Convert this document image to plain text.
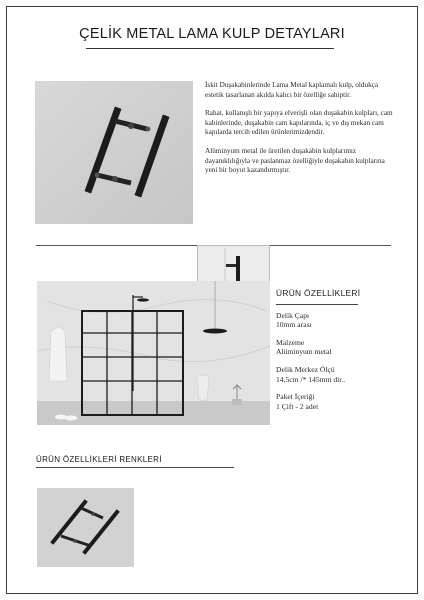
ÇELİK METAL LAMA KULP DETAYLARI

İskit Duşakabinlerinde Lama Metal kaplamalı kulp, oldukça estetik tasarlanan akılda kalıcı bir özelliğe sahiptir.

Rahat, kullanışlı bir yapıya elverişli olan duşakabin kulpları, cam kabinlerinde, duşakabin cam kapılarında, iç ve dış mekan cam kapılarda tercih edilen ürünlerimizdendir.

Alüminyum metal ile üretilen duşakabin kulplarımız dayanıklılığıyla ve paslanmaz özelliğiyle duşakabin kulplarına yeni bir boyut kazandırmıştır.

ÜRÜN ÖZELLİKLERİ
Delik Çapı
10mm arası
Malzeme
Alüminyum metal
Delik Merkez Ölçü
14,5cm /* 145mm dir..
Paket İçeriği
1 Çift - 2 adet
ÜRÜN ÖZELLİKLERİ RENKLERİ
